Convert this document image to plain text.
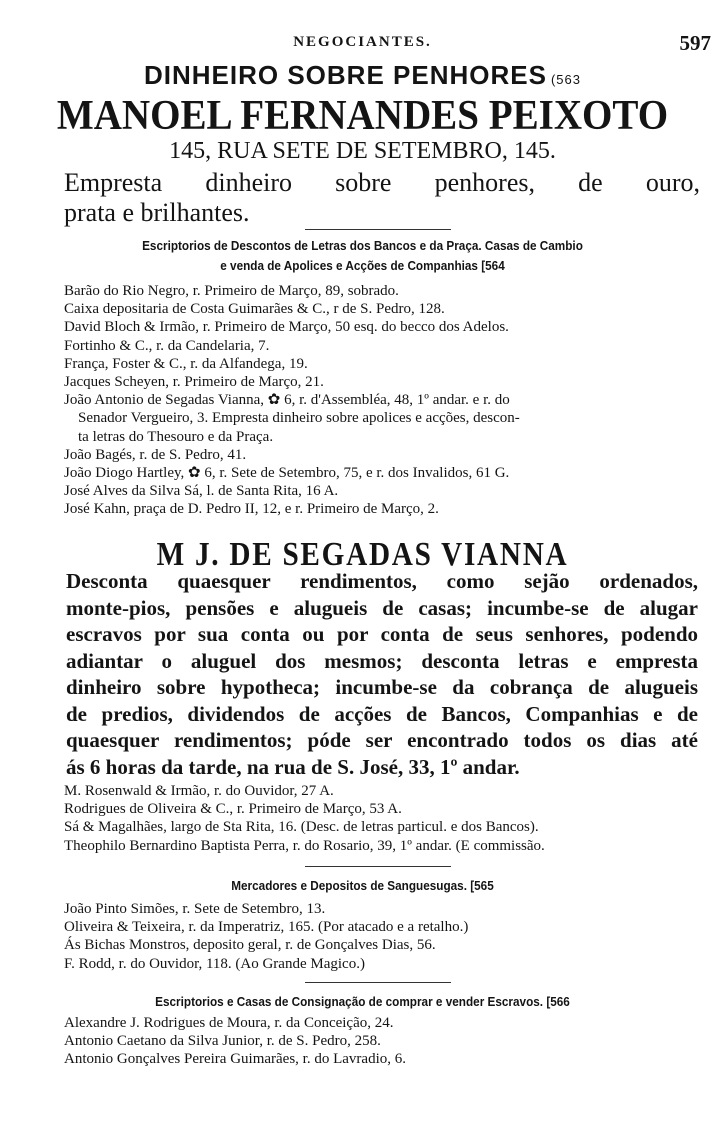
NEGOCIANTES.	597
DINHEIRO SOBRE PENHORES (563
MANOEL FERNANDES PEIXOTO
145, RUA SETE DE SETEMBRO, 145.
Empresta dinheiro sobre penhores, de ouro,
prata e brilhantes.
Escriptorios de Descontos de Letras dos Bancos e da Praça. Casas de Cambio
e venda de Apolices e Acções de Companhias [564
Barão do Rio Negro, r. Primeiro de Março, 89, sobrado.
Caixa depositaria de Costa Guimarães & C., r de S. Pedro, 128.
David Bloch & Irmão, r. Primeiro de Março, 50 esq. do becco dos Adelos.
Fortinho & C., r. da Candelaria, 7.
França, Foster & C., r. da Alfandega, 19.
Jacques Scheyen, r. Primeiro de Março, 21.
João Antonio de Segadas Vianna, ✿ 6, r. d'Assembléa, 48, 1º andar. e r. do
Senador Vergueiro, 3. Empresta dinheiro sobre apolices e acções, descon-
ta letras do Thesouro e da Praça.
João Bagés, r. de S. Pedro, 41.
João Diogo Hartley, ✿ 6, r. Sete de Setembro, 75, e r. dos Invalidos, 61 G.
José Alves da Silva Sá, l. de Santa Rita, 16 A.
José Kahn, praça de D. Pedro II, 12, e r. Primeiro de Março, 2.
M J. DE SEGADAS VIANNA
Desconta quaesquer rendimentos, como sejão ordenados,
monte-pios, pensões e alugueis de casas; incumbe-se de alugar
escravos por sua conta ou por conta de seus senhores, podendo
adiantar o aluguel dos mesmos; desconta letras e empresta
dinheiro sobre hypotheca; incumbe-se da cobrança de alugueis
de predios, dividendos de acções de Bancos, Companhias e de
quaesquer rendimentos; póde ser encontrado todos os dias até
ás 6 horas da tarde, na rua de S. José, 33, 1º andar.
M. Rosenwald & Irmão, r. do Ouvidor, 27 A.
Rodrigues de Oliveira & C., r. Primeiro de Março, 53 A.
Sá & Magalhães, largo de Sta Rita, 16. (Desc. de letras particul. e dos Bancos).
Theophilo Bernardino Baptista Perra, r. do Rosario, 39, 1º andar. (E commissão.
Mercadores e Depositos de Sanguesugas. [565
João Pinto Simões, r. Sete de Setembro, 13.
Oliveira & Teixeira, r. da Imperatriz, 165. (Por atacado e a retalho.)
Ás Bichas Monstros, deposito geral, r. de Gonçalves Dias, 56.
F. Rodd, r. do Ouvidor, 118. (Ao Grande Magico.)
Escriptorios e Casas de Consignação de comprar e vender Escravos. [566
Alexandre J. Rodrigues de Moura, r. da Conceição, 24.
Antonio Caetano da Silva Junior, r. de S. Pedro, 258.
Antonio Gonçalves Pereira Guimarães, r. do Lavradio, 6.
